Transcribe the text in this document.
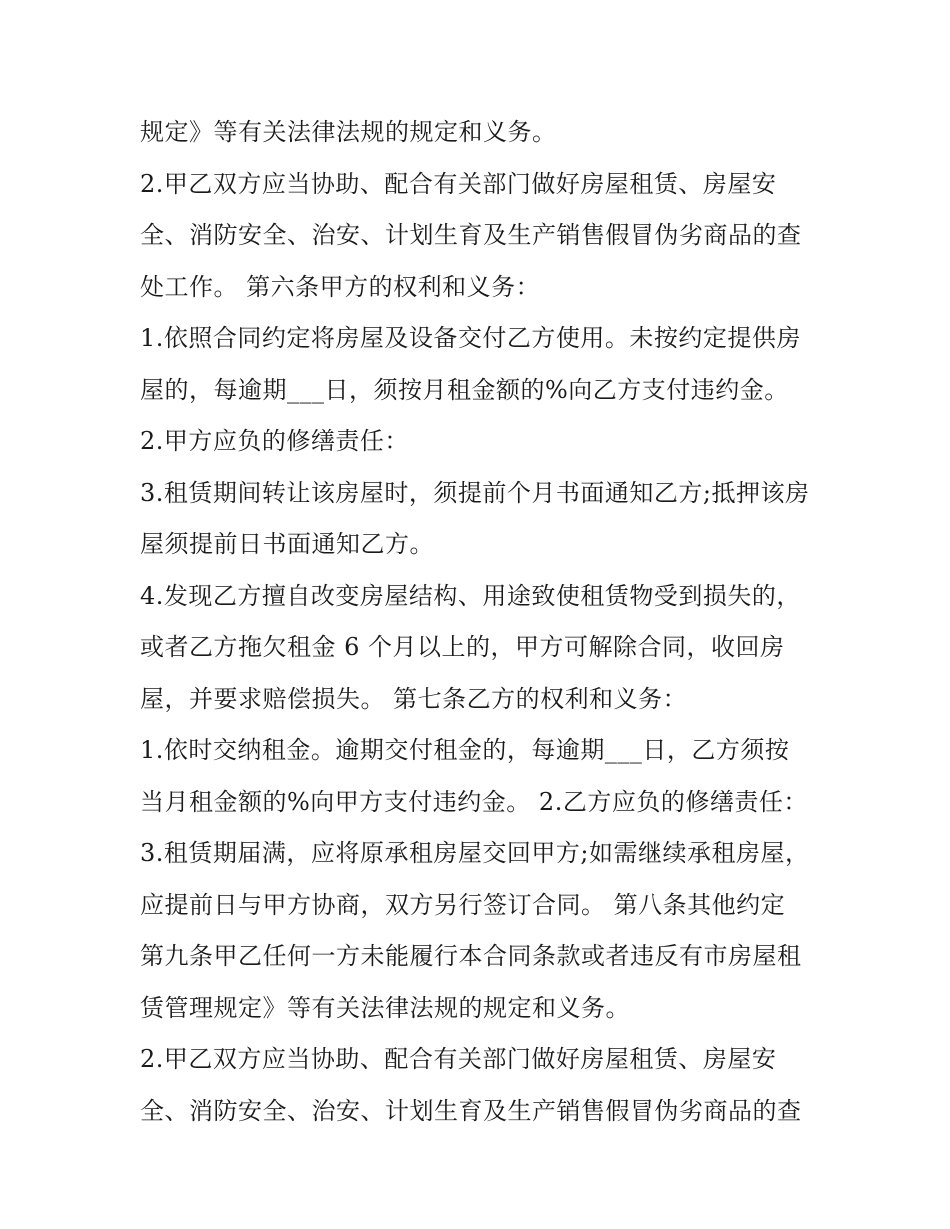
规定》等有关法律法规的规定和义务。
2.甲乙双方应当协助、配合有关部门做好房屋租赁、房屋安
全、消防安全、治安、计划生育及生产销售假冒伪劣商品的查
处工作。 第六条甲方的权利和义务：
1.依照合同约定将房屋及设备交付乙方使用。未按约定提供房
屋的，每逾期___日，须按月租金额的%向乙方支付违约金。
2.甲方应负的修缮责任：
3.租赁期间转让该房屋时，须提前个月书面通知乙方;抵押该房
屋须提前日书面通知乙方。
4.发现乙方擅自改变房屋结构、用途致使租赁物受到损失的，
或者乙方拖欠租金 6 个月以上的，甲方可解除合同，收回房
屋，并要求赔偿损失。 第七条乙方的权利和义务：
1.依时交纳租金。逾期交付租金的，每逾期___日，乙方须按
当月租金额的%向甲方支付违约金。 2.乙方应负的修缮责任：
3.租赁期届满，应将原承租房屋交回甲方;如需继续承租房屋，
应提前日与甲方协商，双方另行签订合同。 第八条其他约定
第九条甲乙任何一方未能履行本合同条款或者违反有市房屋租
赁管理规定》等有关法律法规的规定和义务。
2.甲乙双方应当协助、配合有关部门做好房屋租赁、房屋安
全、消防安全、治安、计划生育及生产销售假冒伪劣商品的查
